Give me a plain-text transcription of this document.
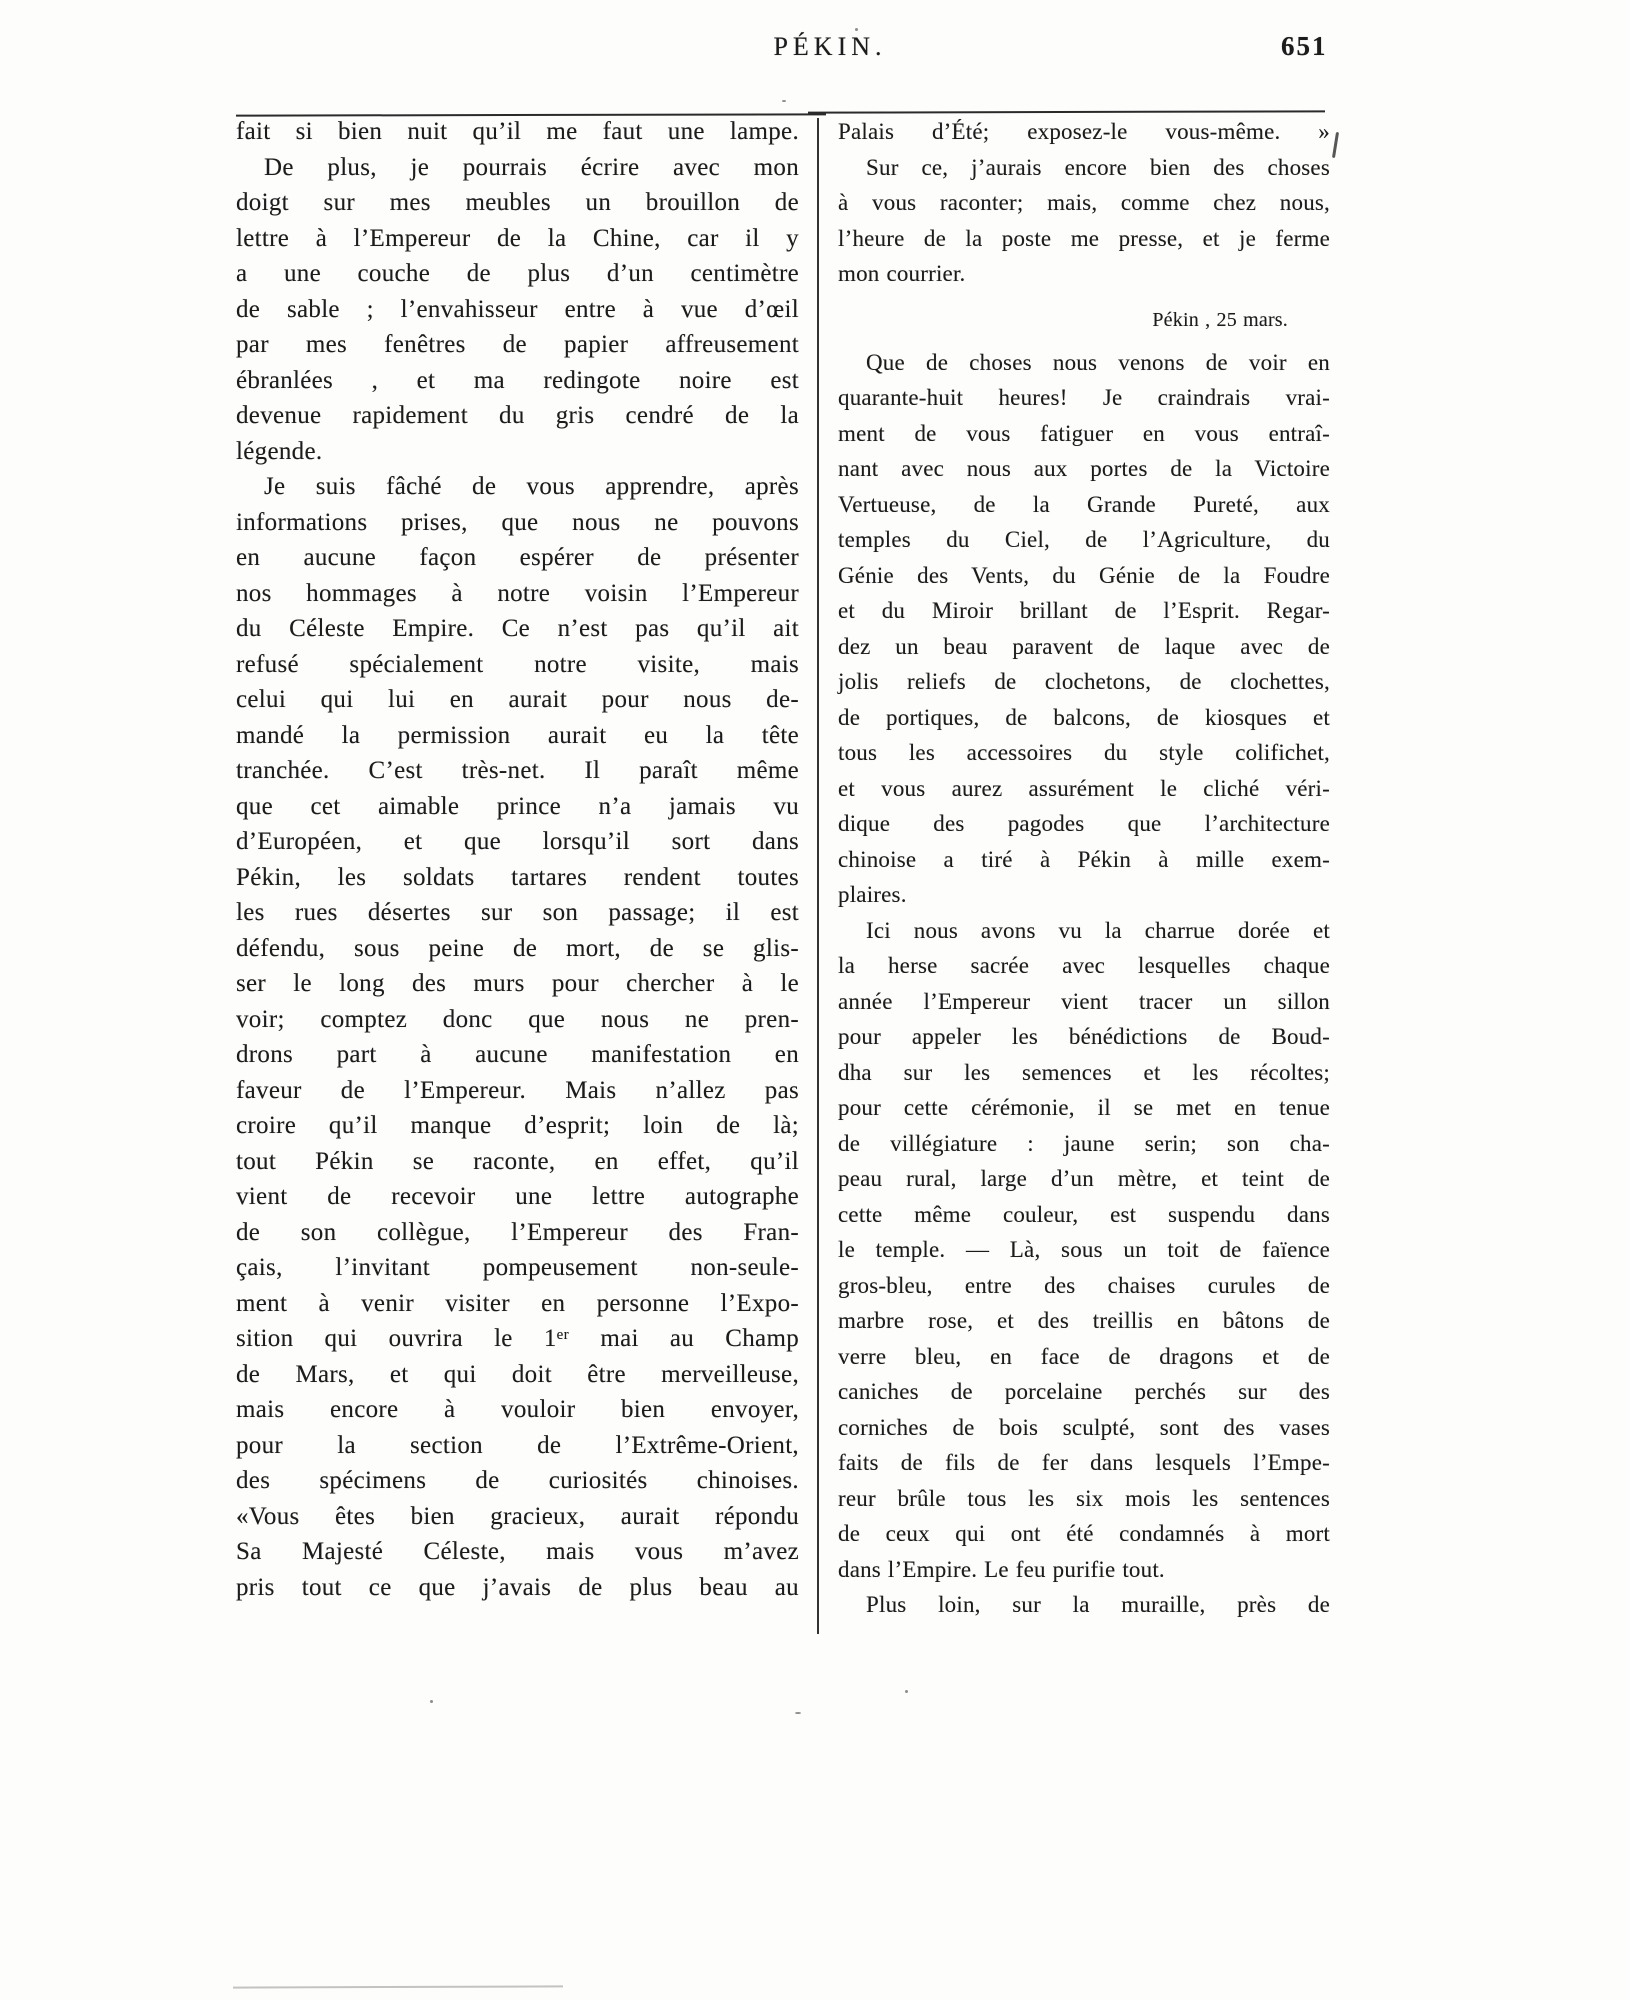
PÉKIN.	651
fait si bien nuit qu’il me faut une lampe.
De plus, je pourrais écrire avec mon
doigt sur mes meubles un brouillon de
lettre à l’Empereur de la Chine, car il y
a une couche de plus d’un centimètre
de sable ; l’envahisseur entre à vue d’œil
par mes fenêtres de papier affreusement
ébranlées , et ma redingote noire est
devenue rapidement du gris cendré de la
légende.
Je suis fâché de vous apprendre, après
informations prises, que nous ne pouvons
en aucune façon espérer de présenter
nos hommages à notre voisin l’Empereur
du Céleste Empire. Ce n’est pas qu’il ait
refusé spécialement notre visite, mais
celui qui lui en aurait pour nous de-
mandé la permission aurait eu la tête
tranchée. C’est très-net. Il paraît même
que cet aimable prince n’a jamais vu
d’Européen, et que lorsqu’il sort dans
Pékin, les soldats tartares rendent toutes
les rues désertes sur son passage; il est
défendu, sous peine de mort, de se glis-
ser le long des murs pour chercher à le
voir; comptez donc que nous ne pren-
drons part à aucune manifestation en
faveur de l’Empereur. Mais n’allez pas
croire qu’il manque d’esprit; loin de là;
tout Pékin se raconte, en effet, qu’il
vient de recevoir une lettre autographe
de son collègue, l’Empereur des Fran-
çais, l’invitant pompeusement non-seule-
ment à venir visiter en personne l’Expo-
sition qui ouvrira le 1ᵉʳ mai au Champ
de Mars, et qui doit être merveilleuse,
mais encore à vouloir bien envoyer,
pour la section de l’Extrême-Orient,
des spécimens de curiosités chinoises.
«Vous êtes bien gracieux, aurait répondu
Sa Majesté Céleste, mais vous m’avez
pris tout ce que j’avais de plus beau au
Palais d’Été; exposez-le vous-même. »
Sur ce, j’aurais encore bien des choses
à vous raconter; mais, comme chez nous,
l’heure de la poste me presse, et je ferme
mon courrier.
Pékin , 25 mars.
Que de choses nous venons de voir en
quarante-huit heures! Je craindrais vrai-
ment de vous fatiguer en vous entraî-
nant avec nous aux portes de la Victoire
Vertueuse, de la Grande Pureté, aux
temples du Ciel, de l’Agriculture, du
Génie des Vents, du Génie de la Foudre
et du Miroir brillant de l’Esprit. Regar-
dez un beau paravent de laque avec de
jolis reliefs de clochetons, de clochettes,
de portiques, de balcons, de kiosques et
tous les accessoires du style colifichet,
et vous aurez assurément le cliché véri-
dique des pagodes que l’architecture
chinoise a tiré à Pékin à mille exem-
plaires.
Ici nous avons vu la charrue dorée et
la herse sacrée avec lesquelles chaque
année l’Empereur vient tracer un sillon
pour appeler les bénédictions de Boud-
dha sur les semences et les récoltes;
pour cette cérémonie, il se met en tenue
de villégiature : jaune serin; son cha-
peau rural, large d’un mètre, et teint de
cette même couleur, est suspendu dans
le temple. — Là, sous un toit de faïence
gros-bleu, entre des chaises curules de
marbre rose, et des treillis en bâtons de
verre bleu, en face de dragons et de
caniches de porcelaine perchés sur des
corniches de bois sculpté, sont des vases
faits de fils de fer dans lesquels l’Empe-
reur brûle tous les six mois les sentences
de ceux qui ont été condamnés à mort
dans l’Empire. Le feu purifie tout.
Plus loin, sur la muraille, près de
